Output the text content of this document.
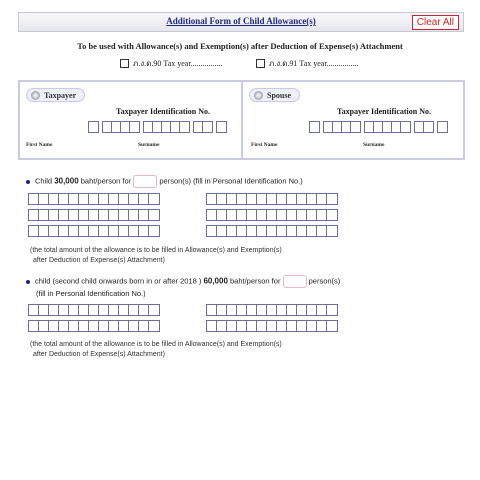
Additional Form of Child Allowance(s)	Clear All
To be used with Allowance(s) and Exemption(s) after Deduction of Expense(s) Attachment
ภ.ง.ด.90 Tax year................	ภ.ง.ด.91 Tax year................
Taxpayer
Taxpayer Identification No.
First Name	Surname
Spouse
Taxpayer Identification No.
First Name	Surname
Child 30,000 baht/person for	person(s) (fill in Personal Identification No.)
(the total amount of the allowance is to be filled in Allowance(s) and Exemption(s)
after Deduction of Expense(s) Attachment)
child (second child onwards born in or after 2018 ) 60,000 baht/person for	person(s)
(fill in Personal Identification No.)
(the total amount of the allowance is to be filled in Allowance(s) and Exemption(s)
after Deduction of Expense(s) Attachment)
